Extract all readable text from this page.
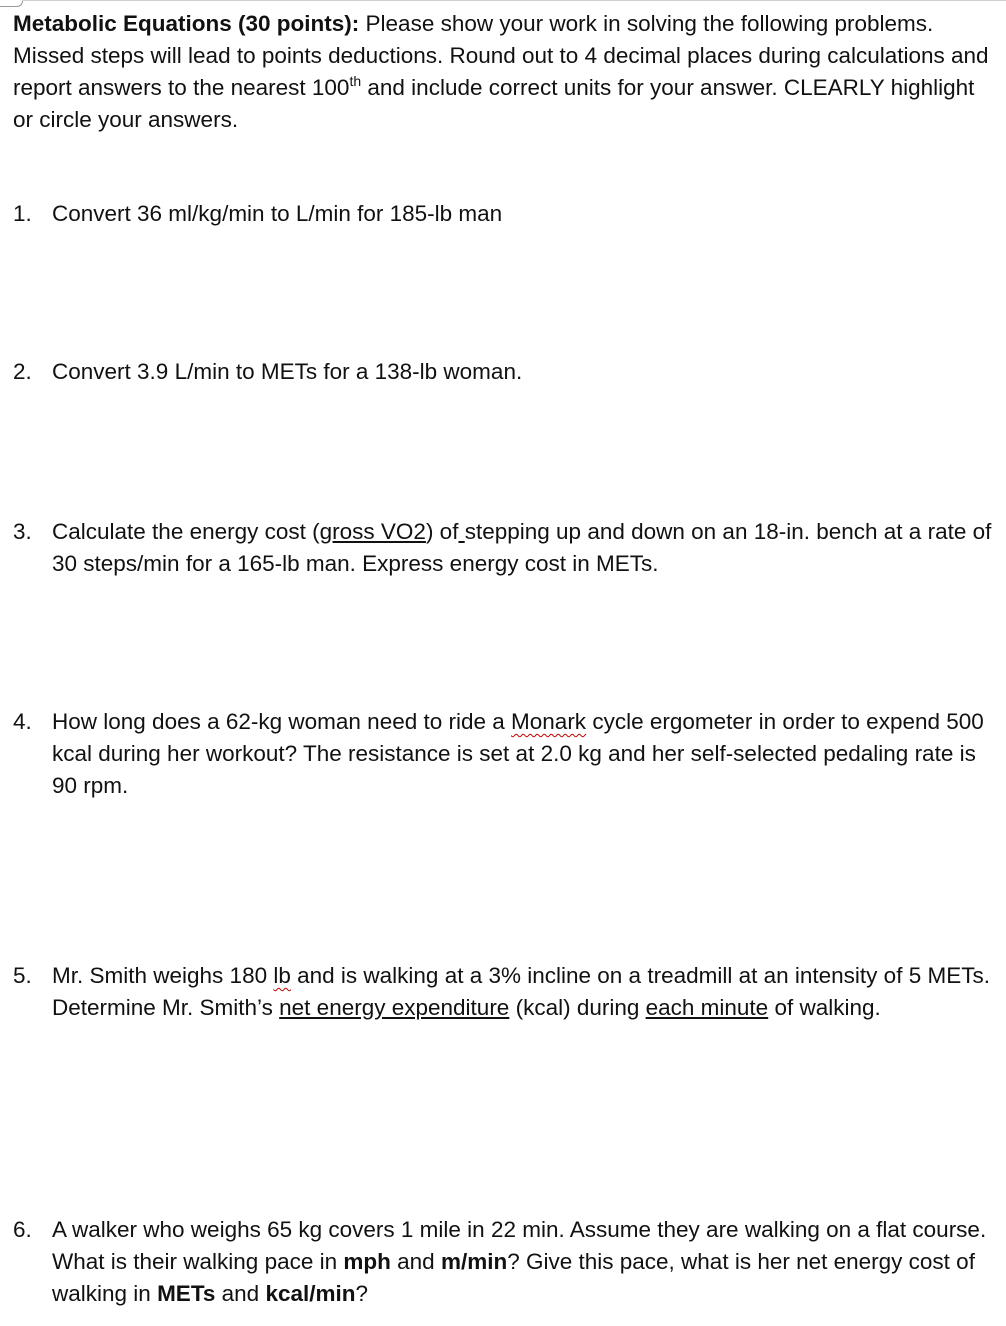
Metabolic Equations (30 points): Please show your work in solving the following problems. Missed steps will lead to points deductions. Round out to 4 decimal places during calculations and report answers to the nearest 100th and include correct units for your answer. CLEARLY highlight or circle your answers.
1. Convert 36 ml/kg/min to L/min for 185-lb man
2. Convert 3.9 L/min to METs for a 138-lb woman.
3. Calculate the energy cost (gross VO2) of stepping up and down on an 18-in. bench at a rate of 30 steps/min for a 165-lb man. Express energy cost in METs.
4. How long does a 62-kg woman need to ride a Monark cycle ergometer in order to expend 500 kcal during her workout? The resistance is set at 2.0 kg and her self-selected pedaling rate is 90 rpm.
5. Mr. Smith weighs 180 lb and is walking at a 3% incline on a treadmill at an intensity of 5 METs. Determine Mr. Smith’s net energy expenditure (kcal) during each minute of walking.
6. A walker who weighs 65 kg covers 1 mile in 22 min. Assume they are walking on a flat course. What is their walking pace in mph and m/min? Give this pace, what is her net energy cost of walking in METs and kcal/min?
